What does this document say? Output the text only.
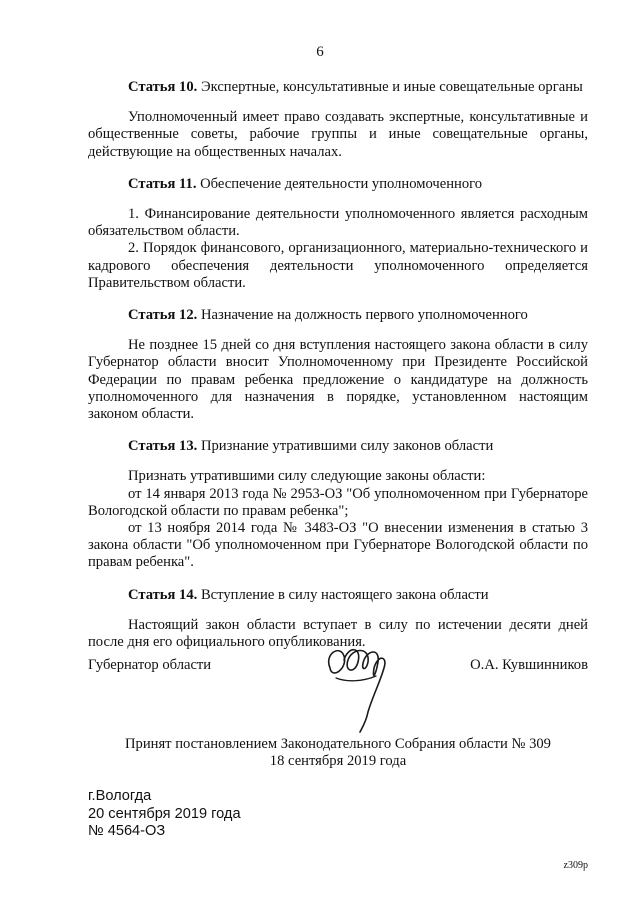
6

Статья 10. Экспертные, консультативные и иные совещательные органы

Уполномоченный имеет право создавать экспертные, консультативные и общественные советы, рабочие группы и иные совещательные органы, действующие на общественных началах.

Статья 11. Обеспечение деятельности уполномоченного

1. Финансирование деятельности уполномоченного является расходным обязательством области.

2. Порядок финансового, организационного, материально-технического и кадрового обеспечения деятельности уполномоченного определяется Правительством области.

Статья 12. Назначение на должность первого уполномоченного

Не позднее 15 дней со дня вступления настоящего закона области в силу Губернатор области вносит Уполномоченному при Президенте Российской Федерации по правам ребенка предложение о кандидатуре на должность уполномоченного для назначения в порядке, установленном настоящим законом области.

Статья 13. Признание утратившими силу законов области

Признать утратившими силу следующие законы области:

от 14 января 2013 года № 2953-ОЗ "Об уполномоченном при Губернаторе Вологодской области по правам ребенка";

от 13 ноября 2014 года № 3483-ОЗ "О внесении изменения в статью 3 закона области "Об уполномоченном при Губернаторе Вологодской области по правам ребенка".

Статья 14. Вступление в силу настоящего закона области

Настоящий закон области вступает в силу по истечении десяти дней после дня его официального опубликования.

Губернатор области	О.А. Кувшинников
Принят постановлением Законодательного Собрания области № 309
18 сентября 2019 года
г.Вологда
20 сентября 2019 года
№ 4564-ОЗ
z309p
